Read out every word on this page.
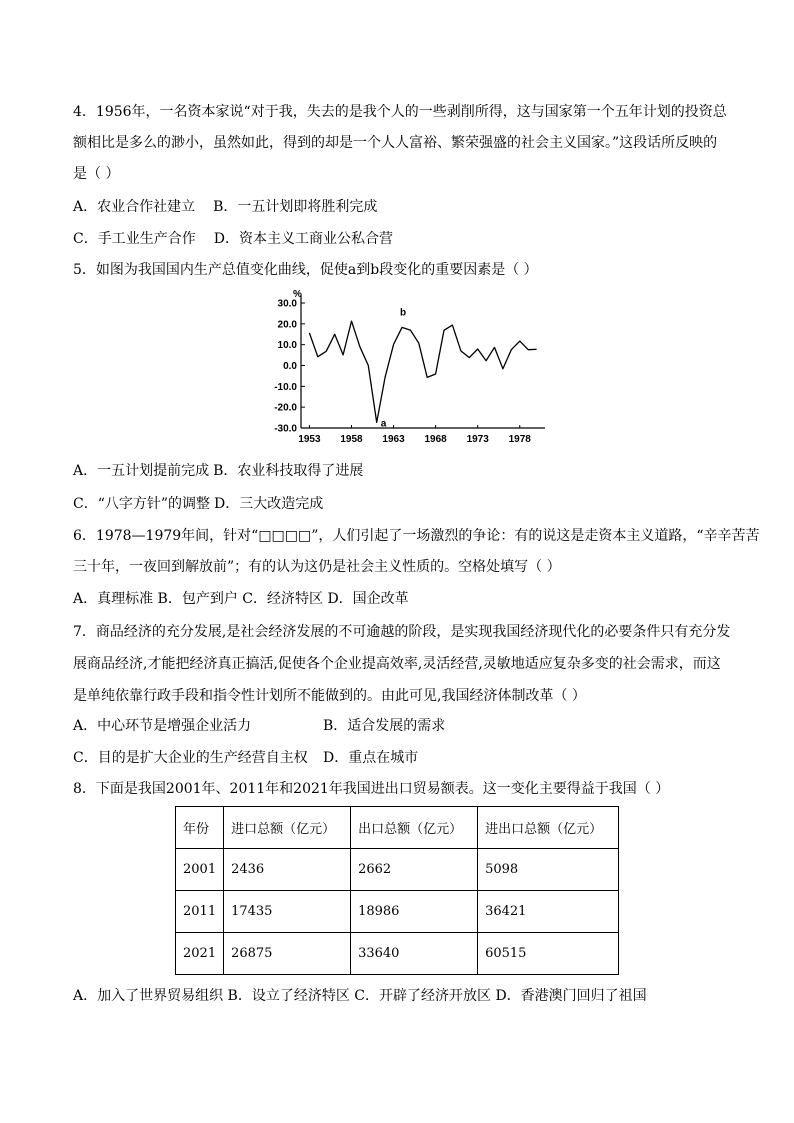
4．1956年，一名资本家说“对于我，失去的是我个人的一些剥削所得，这与国家第一个五年计划的投资总
额相比是多么的渺小，虽然如此，得到的却是一个人人富裕、繁荣强盛的社会主义国家。”这段话所反映的
是（ ）
A．农业合作社建立 B．一五计划即将胜利完成
C．手工业生产合作 D．资本主义工商业公私合营
5．如图为我国国内生产总值变化曲线，促使a到b段变化的重要因素是（ ）
30.0
20.0
10.0
0.0
-10.0
-20.0
-30.0
%
1953 1958 1963 1968 1973 1978
a
b
A．一五计划提前完成 B．农业科技取得了进展
C．“八字方针”的调整 D．三大改造完成
6．1978—1979年间，针对“□□□□”，人们引起了一场激烈的争论：有的说这是走资本主义道路，“辛辛苦苦
三十年，一夜回到解放前”；有的认为这仍是社会主义性质的。空格处填写（ ）
A．真理标准 B．包产到户 C．经济特区 D．国企改革
7．商品经济的充分发展,是社会经济发展的不可逾越的阶段，是实现我国经济现代化的必要条件只有充分发
展商品经济,才能把经济真正搞活,促使各个企业提高效率,灵活经营,灵敏地适应复杂多变的社会需求，而这
是单纯依靠行政手段和指令性计划所不能做到的。由此可见,我国经济体制改革（ ）
A．中心环节是增强企业活力	B．适合发展的需求
C．目的是扩大企业的生产经营自主权 D．重点在城市
8．下面是我国2001年、2011年和2021年我国进出口贸易额表。这一变化主要得益于我国（ ）
年份	进口总额（亿元）	出口总额（亿元）	进出口总额（亿元）
2001	2436	2662	5098
2011	17435	18986	36421
2021	26875	33640	60515
A．加入了世界贸易组织 B．设立了经济特区 C．开辟了经济开放区 D．香港澳门回归了祖国
